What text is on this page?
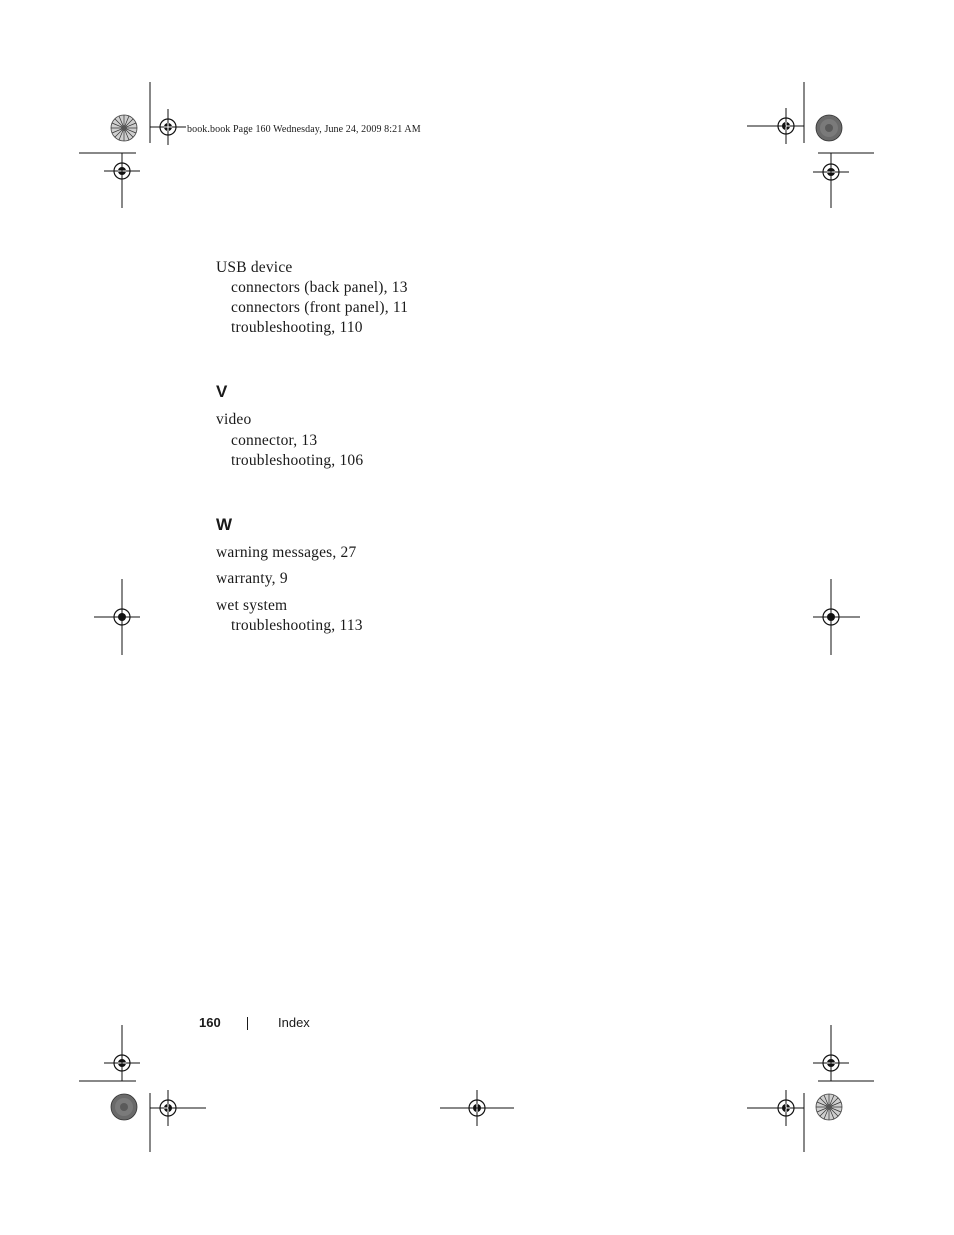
book.book Page 160 Wednesday, June 24, 2009 8:21 AM
USB device
connectors (back panel), 13
connectors (front panel), 11
troubleshooting, 110
V
video
connector, 13
troubleshooting, 106
W
warning messages, 27
warranty, 9
wet system
troubleshooting, 113
160	Index
